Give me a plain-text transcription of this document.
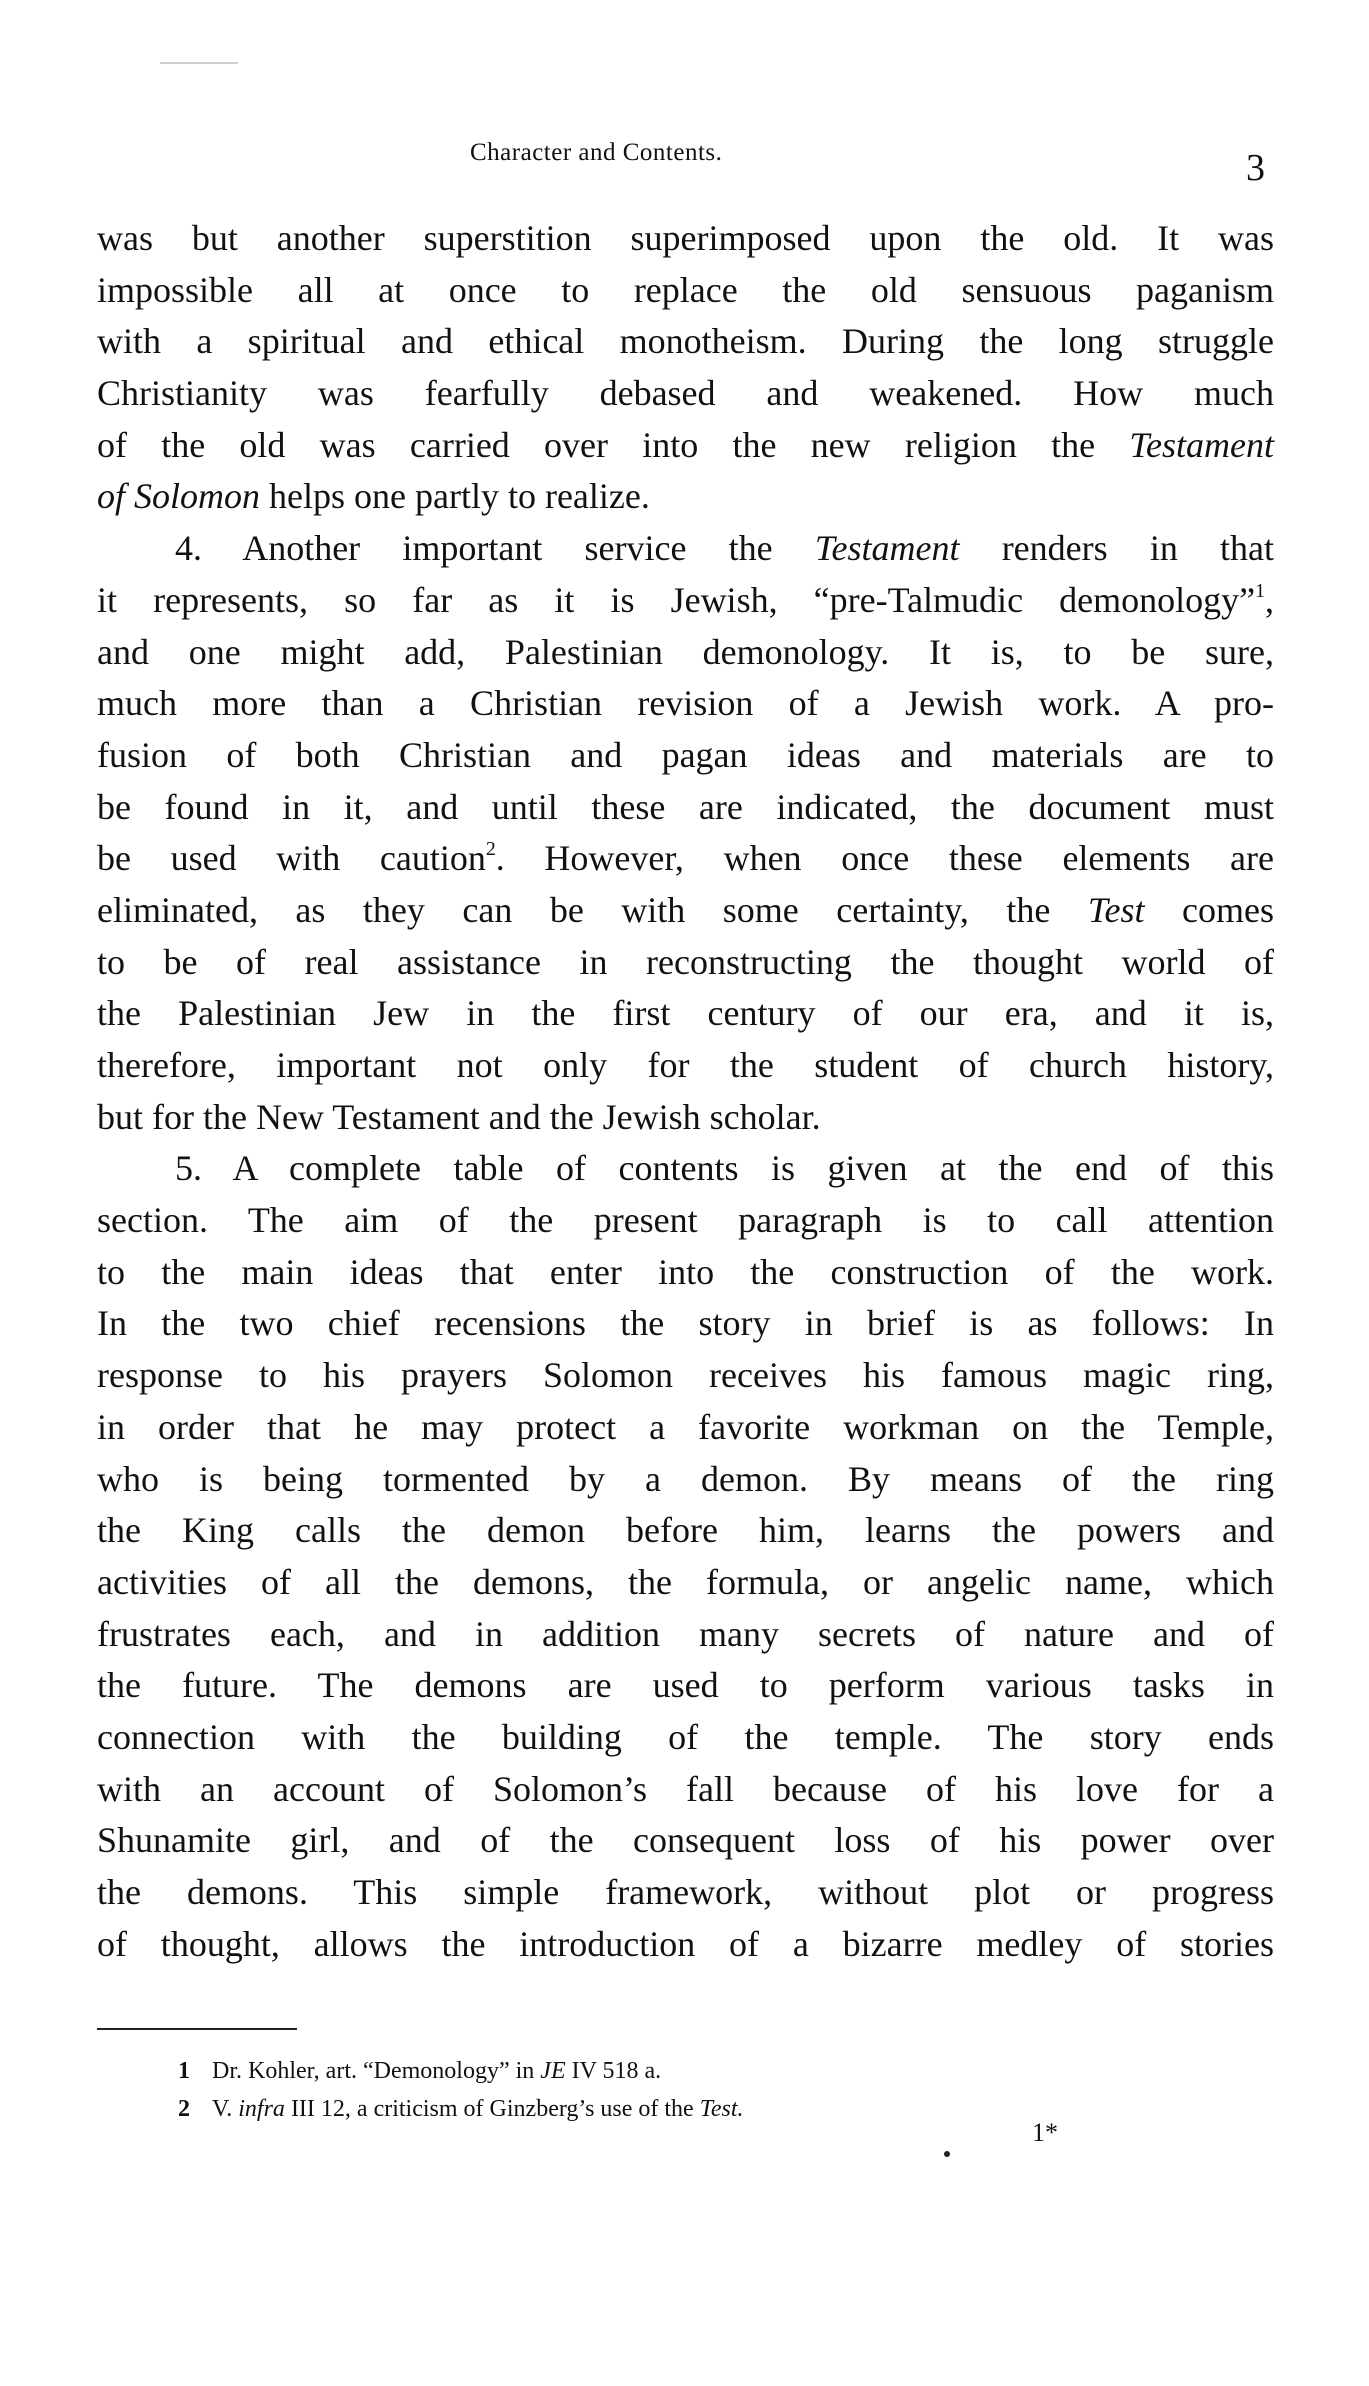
Character and Contents.	3
was but another superstition superimposed upon the old. It was
impossible all at once to replace the old sensuous paganism
with a spiritual and ethical monotheism. During the long struggle
Christianity was fearfully debased and weakened. How much
of the old was carried over into the new religion the Testament
of Solomon helps one partly to realize.
4. Another important service the Testament renders in that
it represents, so far as it is Jewish, “pre-Talmudic demonology”$^1$,
and one might add, Palestinian demonology. It is, to be sure,
much more than a Christian revision of a Jewish work. A pro-
fusion of both Christian and pagan ideas and materials are to
be found in it, and until these are indicated, the document must
be used with caution$^2$. However, when once these elements are
eliminated, as they can be with some certainty, the Test comes
to be of real assistance in reconstructing the thought world of
the Palestinian Jew in the first century of our era, and it is,
therefore, important not only for the student of church history,
but for the New Testament and the Jewish scholar.
5. A complete table of contents is given at the end of this
section. The aim of the present paragraph is to call attention
to the main ideas that enter into the construction of the work.
In the two chief recensions the story in brief is as follows: In
response to his prayers Solomon receives his famous magic ring,
in order that he may protect a favorite workman on the Temple,
who is being tormented by a demon. By means of the ring
the King calls the demon before him, learns the powers and
activities of all the demons, the formula, or angelic name, which
frustrates each, and in addition many secrets of nature and of
the future. The demons are used to perform various tasks in
connection with the building of the temple. The story ends
with an account of Solomon’s fall because of his love for a
Shunamite girl, and of the consequent loss of his power over
the demons. This simple framework, without plot or progress
of thought, allows the introduction of a bizarre medley of stories
1 Dr. Kohler, art. “Demonology” in JE IV 518 a.
2 V. infra III 12, a criticism of Ginzberg’s use of the Test.
1*
